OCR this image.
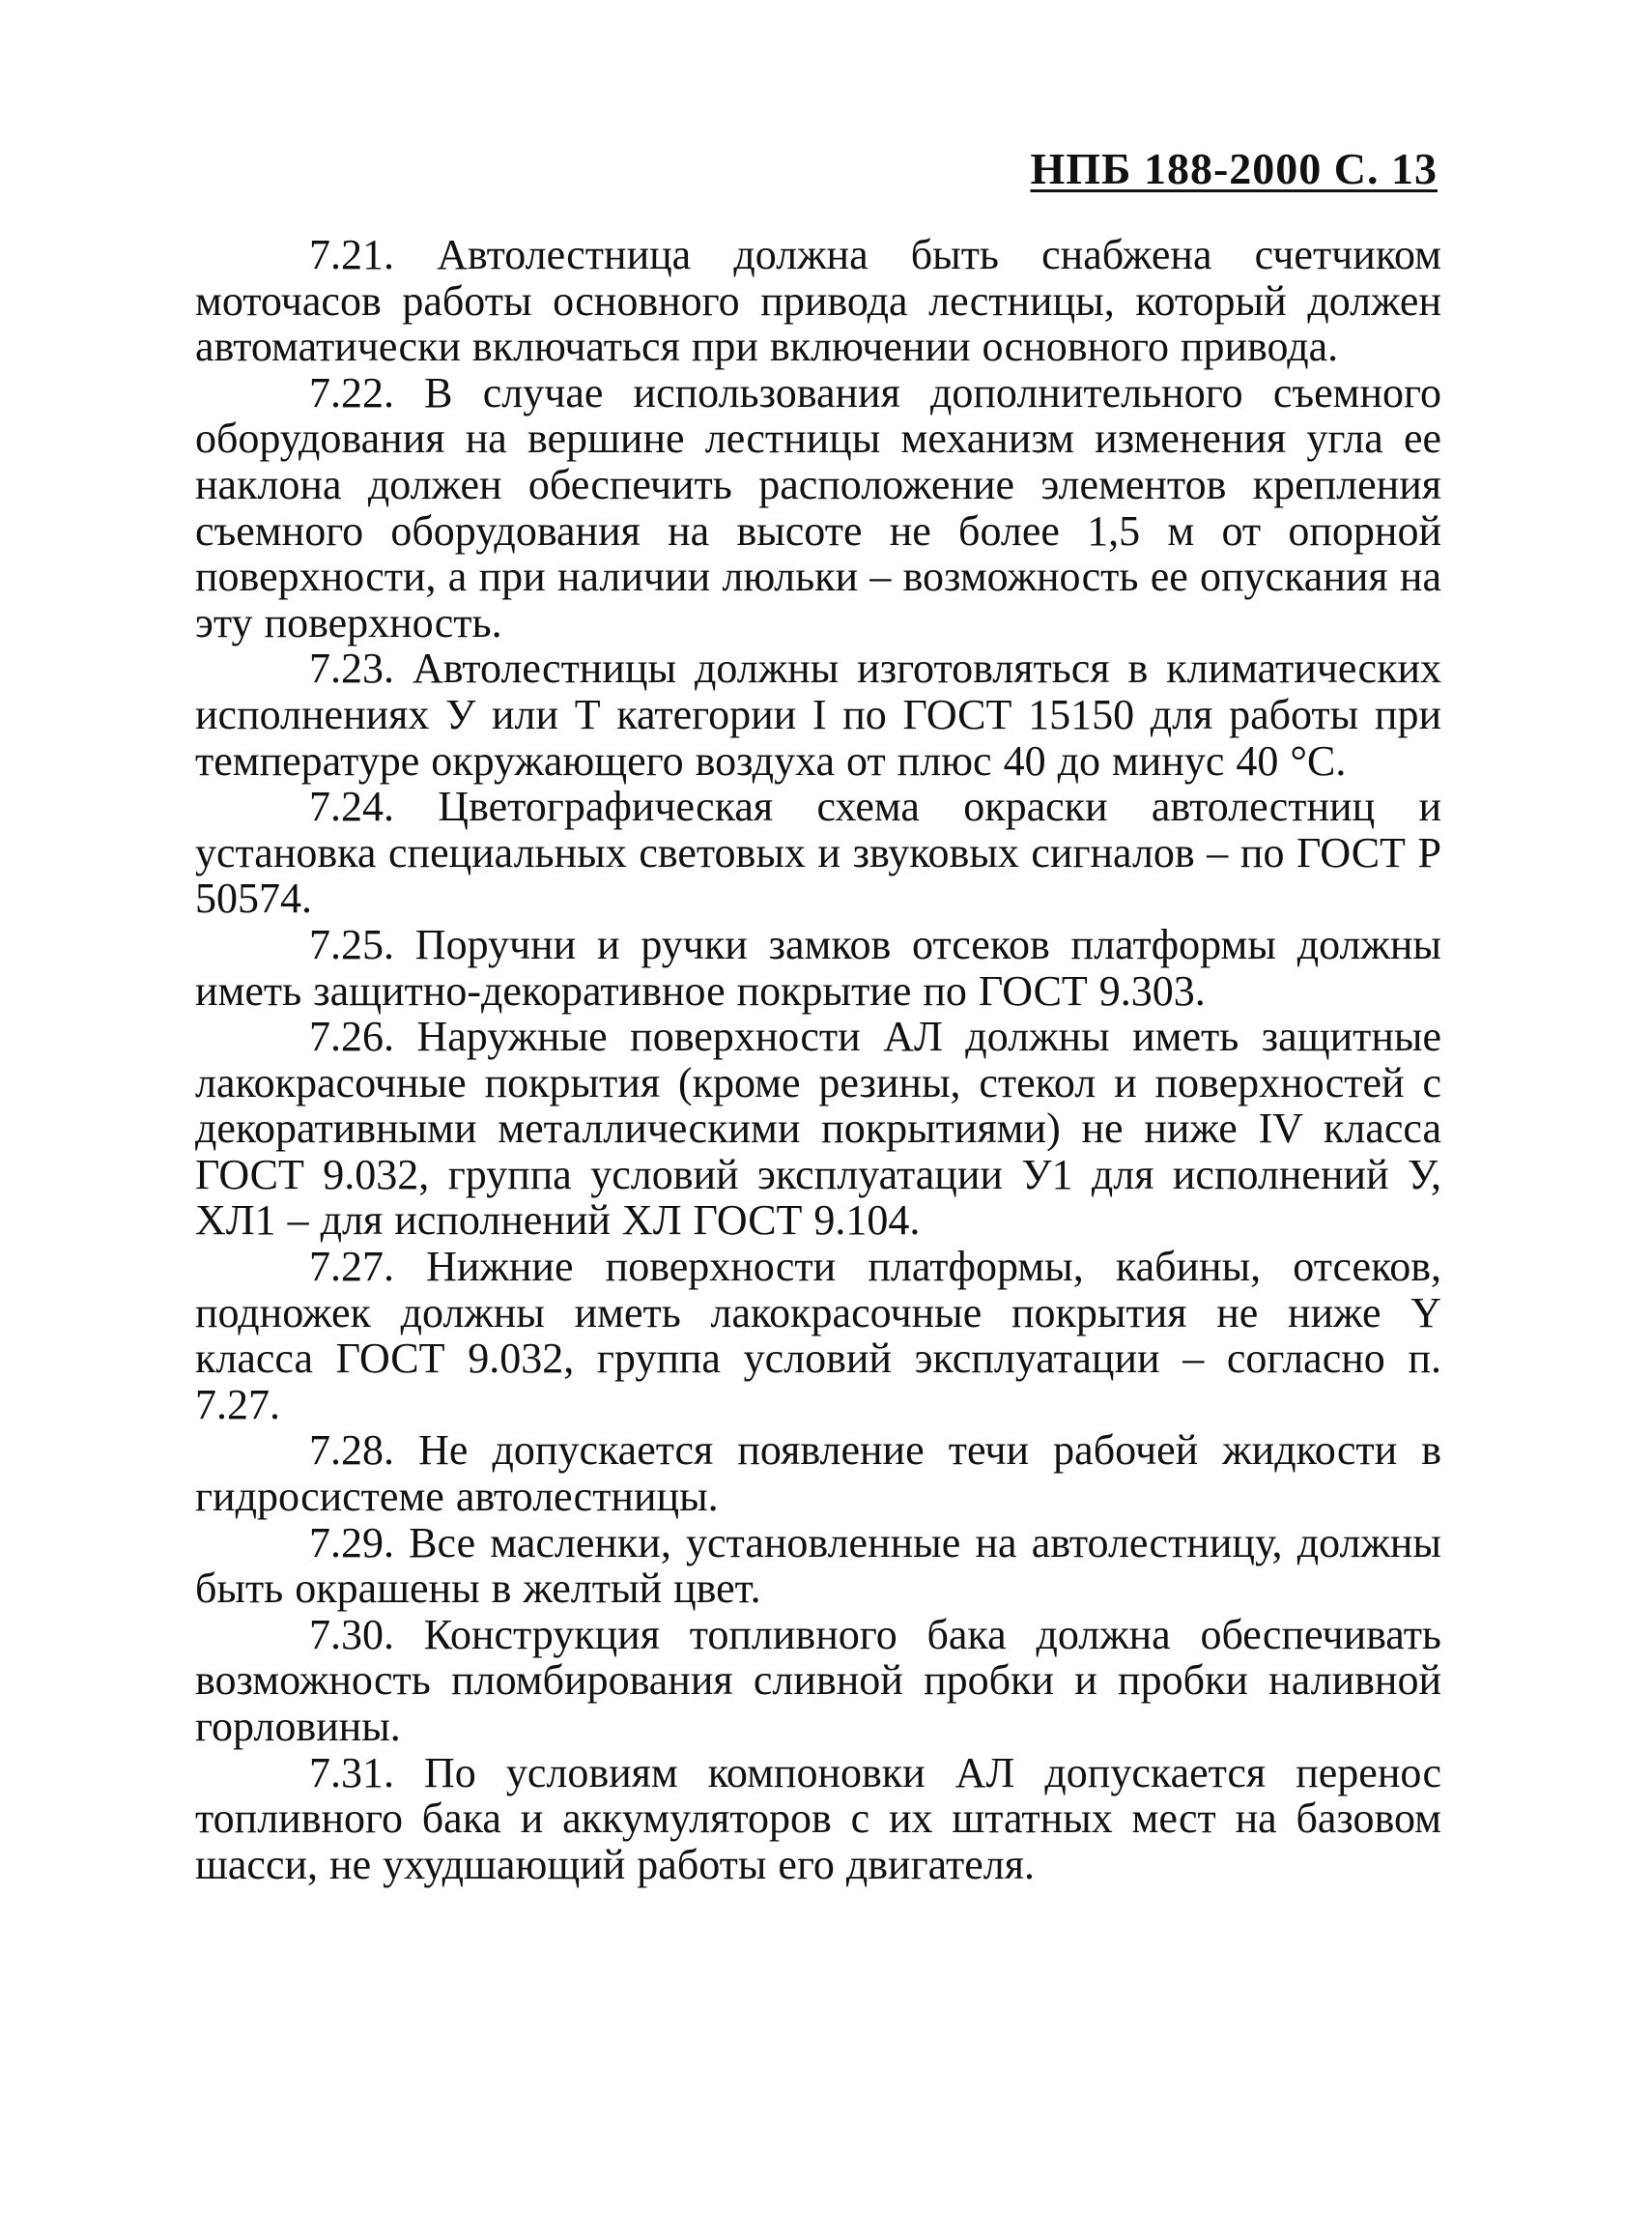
НПБ 188-2000 С. 13

7.21. Автолестница должна быть снабжена счетчиком моточасов работы основного привода лестницы, который должен автоматически включаться при включении основного привода.

7.22. В случае использования дополнительного съемного оборудования на вершине лестницы механизм изменения угла ее наклона должен обеспечить расположение элементов крепления съемного оборудования на высоте не более 1,5 м от опорной поверхности, а при наличии люльки – возможность ее опускания на эту поверхность.

7.23. Автолестницы должны изготовляться в климатических исполнениях У или Т категории I по ГОСТ 15150 для работы при температуре окружающего воздуха от плюс 40 до минус 40 °С.

7.24. Цветографическая схема окраски автолестниц и установка специальных световых и звуковых сигналов – по ГОСТ Р 50574.

7.25. Поручни и ручки замков отсеков платформы должны иметь защитно-декоративное покрытие по ГОСТ 9.303.

7.26. Наружные поверхности АЛ должны иметь защитные лакокрасочные покрытия (кроме резины, стекол и поверхностей с декоративными металлическими покрытиями) не ниже IV класса ГОСТ 9.032, группа условий эксплуатации У1 для исполнений У, ХЛ1 – для исполнений ХЛ ГОСТ 9.104.

7.27. Нижние поверхности платформы, кабины, отсеков, подножек должны иметь лакокрасочные покрытия не ниже Y класса ГОСТ 9.032, группа условий эксплуатации – согласно п. 7.27.

7.28. Не допускается появление течи рабочей жидкости в гидросистеме автолестницы.

7.29. Все масленки, установленные на автолестницу, должны быть окрашены в желтый цвет.

7.30. Конструкция топливного бака должна обеспечивать возможность пломбирования сливной пробки и пробки наливной горловины.

7.31. По условиям компоновки АЛ допускается перенос топливного бака и аккумуляторов с их штатных мест на базовом шасси, не ухудшающий работы его двигателя.
